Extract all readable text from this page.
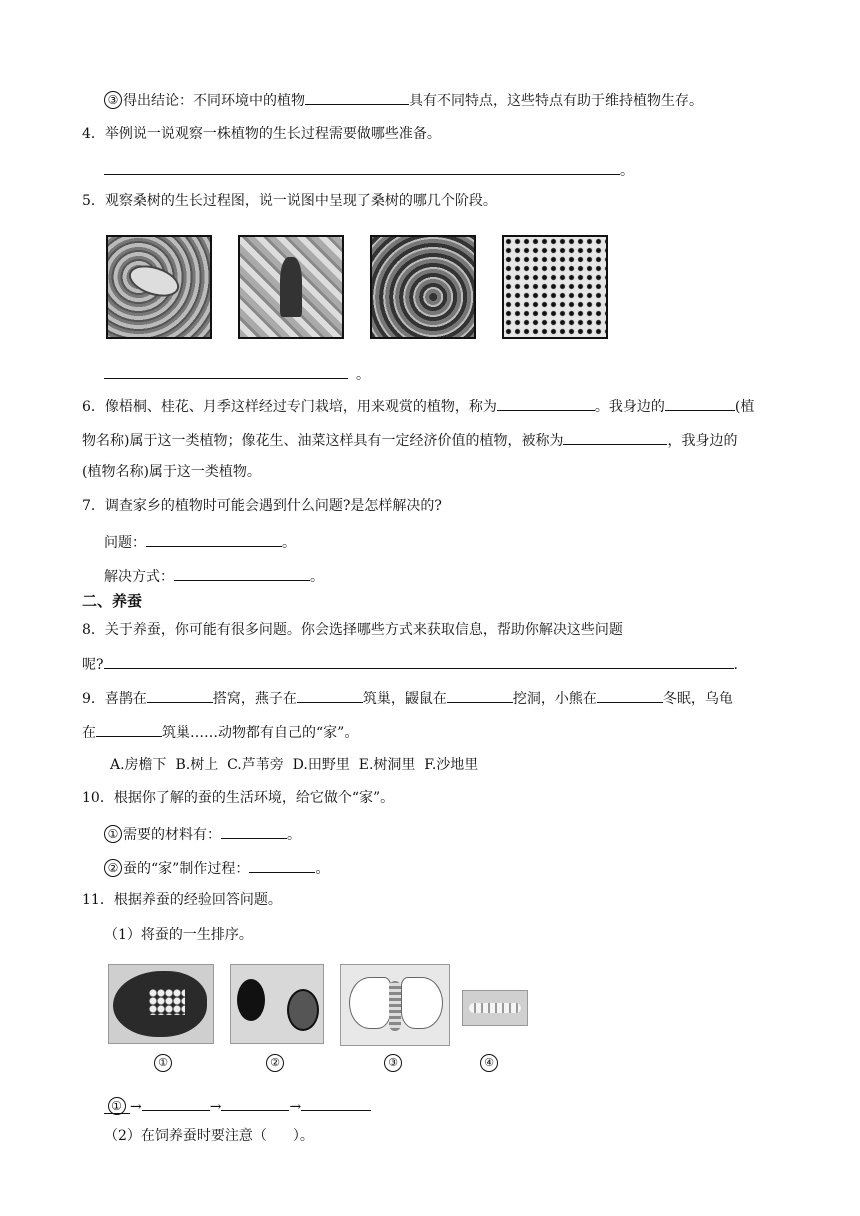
③ 得出结论：不同环境中的植物	具有不同特点，这些特点有助于维持植物生存。
4．举例说一说观察一株植物的生长过程需要做哪些准备。
。
5．观察桑树的生长过程图，说一说图中呈现了桑树的哪几个阶段。
。
6．像梧桐、桂花、月季这样经过专门栽培，用来观赏的植物，称为	。我身边的	(植
物名称)属于这一类植物；像花生、油菜这样具有一定经济价值的植物，被称为	，我身边的
(植物名称)属于这一类植物。
7．调查家乡的植物时可能会遇到什么问题?是怎样解决的?
问题：	。
解决方式：	。
二、养蚕
8．关于养蚕，你可能有很多问题。你会选择哪些方式来获取信息，帮助你解决这些问题
呢?	.
9．喜鹊在	搭窝，燕子在	筑巢，鼹鼠在	挖洞，小熊在	冬眠，乌龟
在	筑巢……动物都有自己的“家”。
A.房檐下  B.树上  C.芦苇旁  D.田野里  E.树洞里  F.沙地里
10．根据你了解的蚕的生活环境，给它做个“家”。
① 需要的材料有：	。
② 蚕的“家”制作过程：	。
11．根据养蚕的经验回答问题。
（1）将蚕的一生排序。
①	②	③	④
① →	→	→
（2）在饲养蚕时要注意（ ）。
